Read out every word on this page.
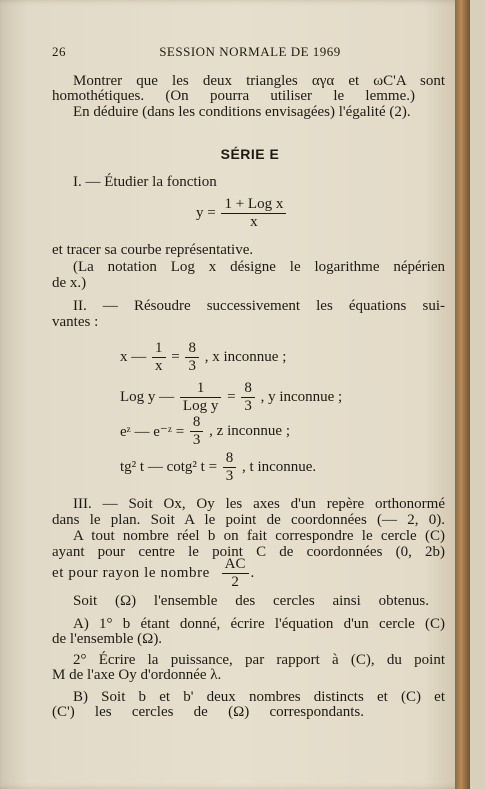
SESSION NORMALE DE 1969
26
Montrer que les deux triangles αγα et ωC'A sont
homothétiques. (On pourra utiliser le lemme.)
En déduire (dans les conditions envisagées) l'égalité (2).
SÉRIE E
I. — Étudier la fonction
$y = \frac{\text{1 + Log x}}{x}$
et tracer sa courbe représentative.
(La notation Log x désigne le logarithme népérien
de x.)
II. — Résoudre successivement les équations sui-
vantes :
x — $\frac{1}{x} = \frac{8}{3}$ , x inconnue ;
Log y — $\frac{1}{\text{Log y}} = \frac{8}{3}$ , y inconnue ;
eᶻ — e⁻ᶻ = $\frac{8}{3}$ , z inconnue ;
tg² t — cotg² $t = \frac{8}{3}$ , t inconnue.
III. — Soit Ox, Oy les axes d'un repère orthonormé
dans le plan. Soit A le point de coordonnées (— 2, 0).
A tout nombre réel b on fait correspondre le cercle (C)
ayant pour centre le point C de coordonnées (0, 2b)
et pour rayon le nombre $\frac{AC}{2}$ .
Soit (Ω) l'ensemble des cercles ainsi obtenus.
A) 1° b étant donné, écrire l'équation d'un cercle (C)
de l'ensemble (Ω).
2° Écrire la puissance, par rapport à (C), du point
M de l'axe Oy d'ordonnée λ.
B) Soit b et b' deux nombres distincts et (C) et
(C') les cercles de (Ω) correspondants.
